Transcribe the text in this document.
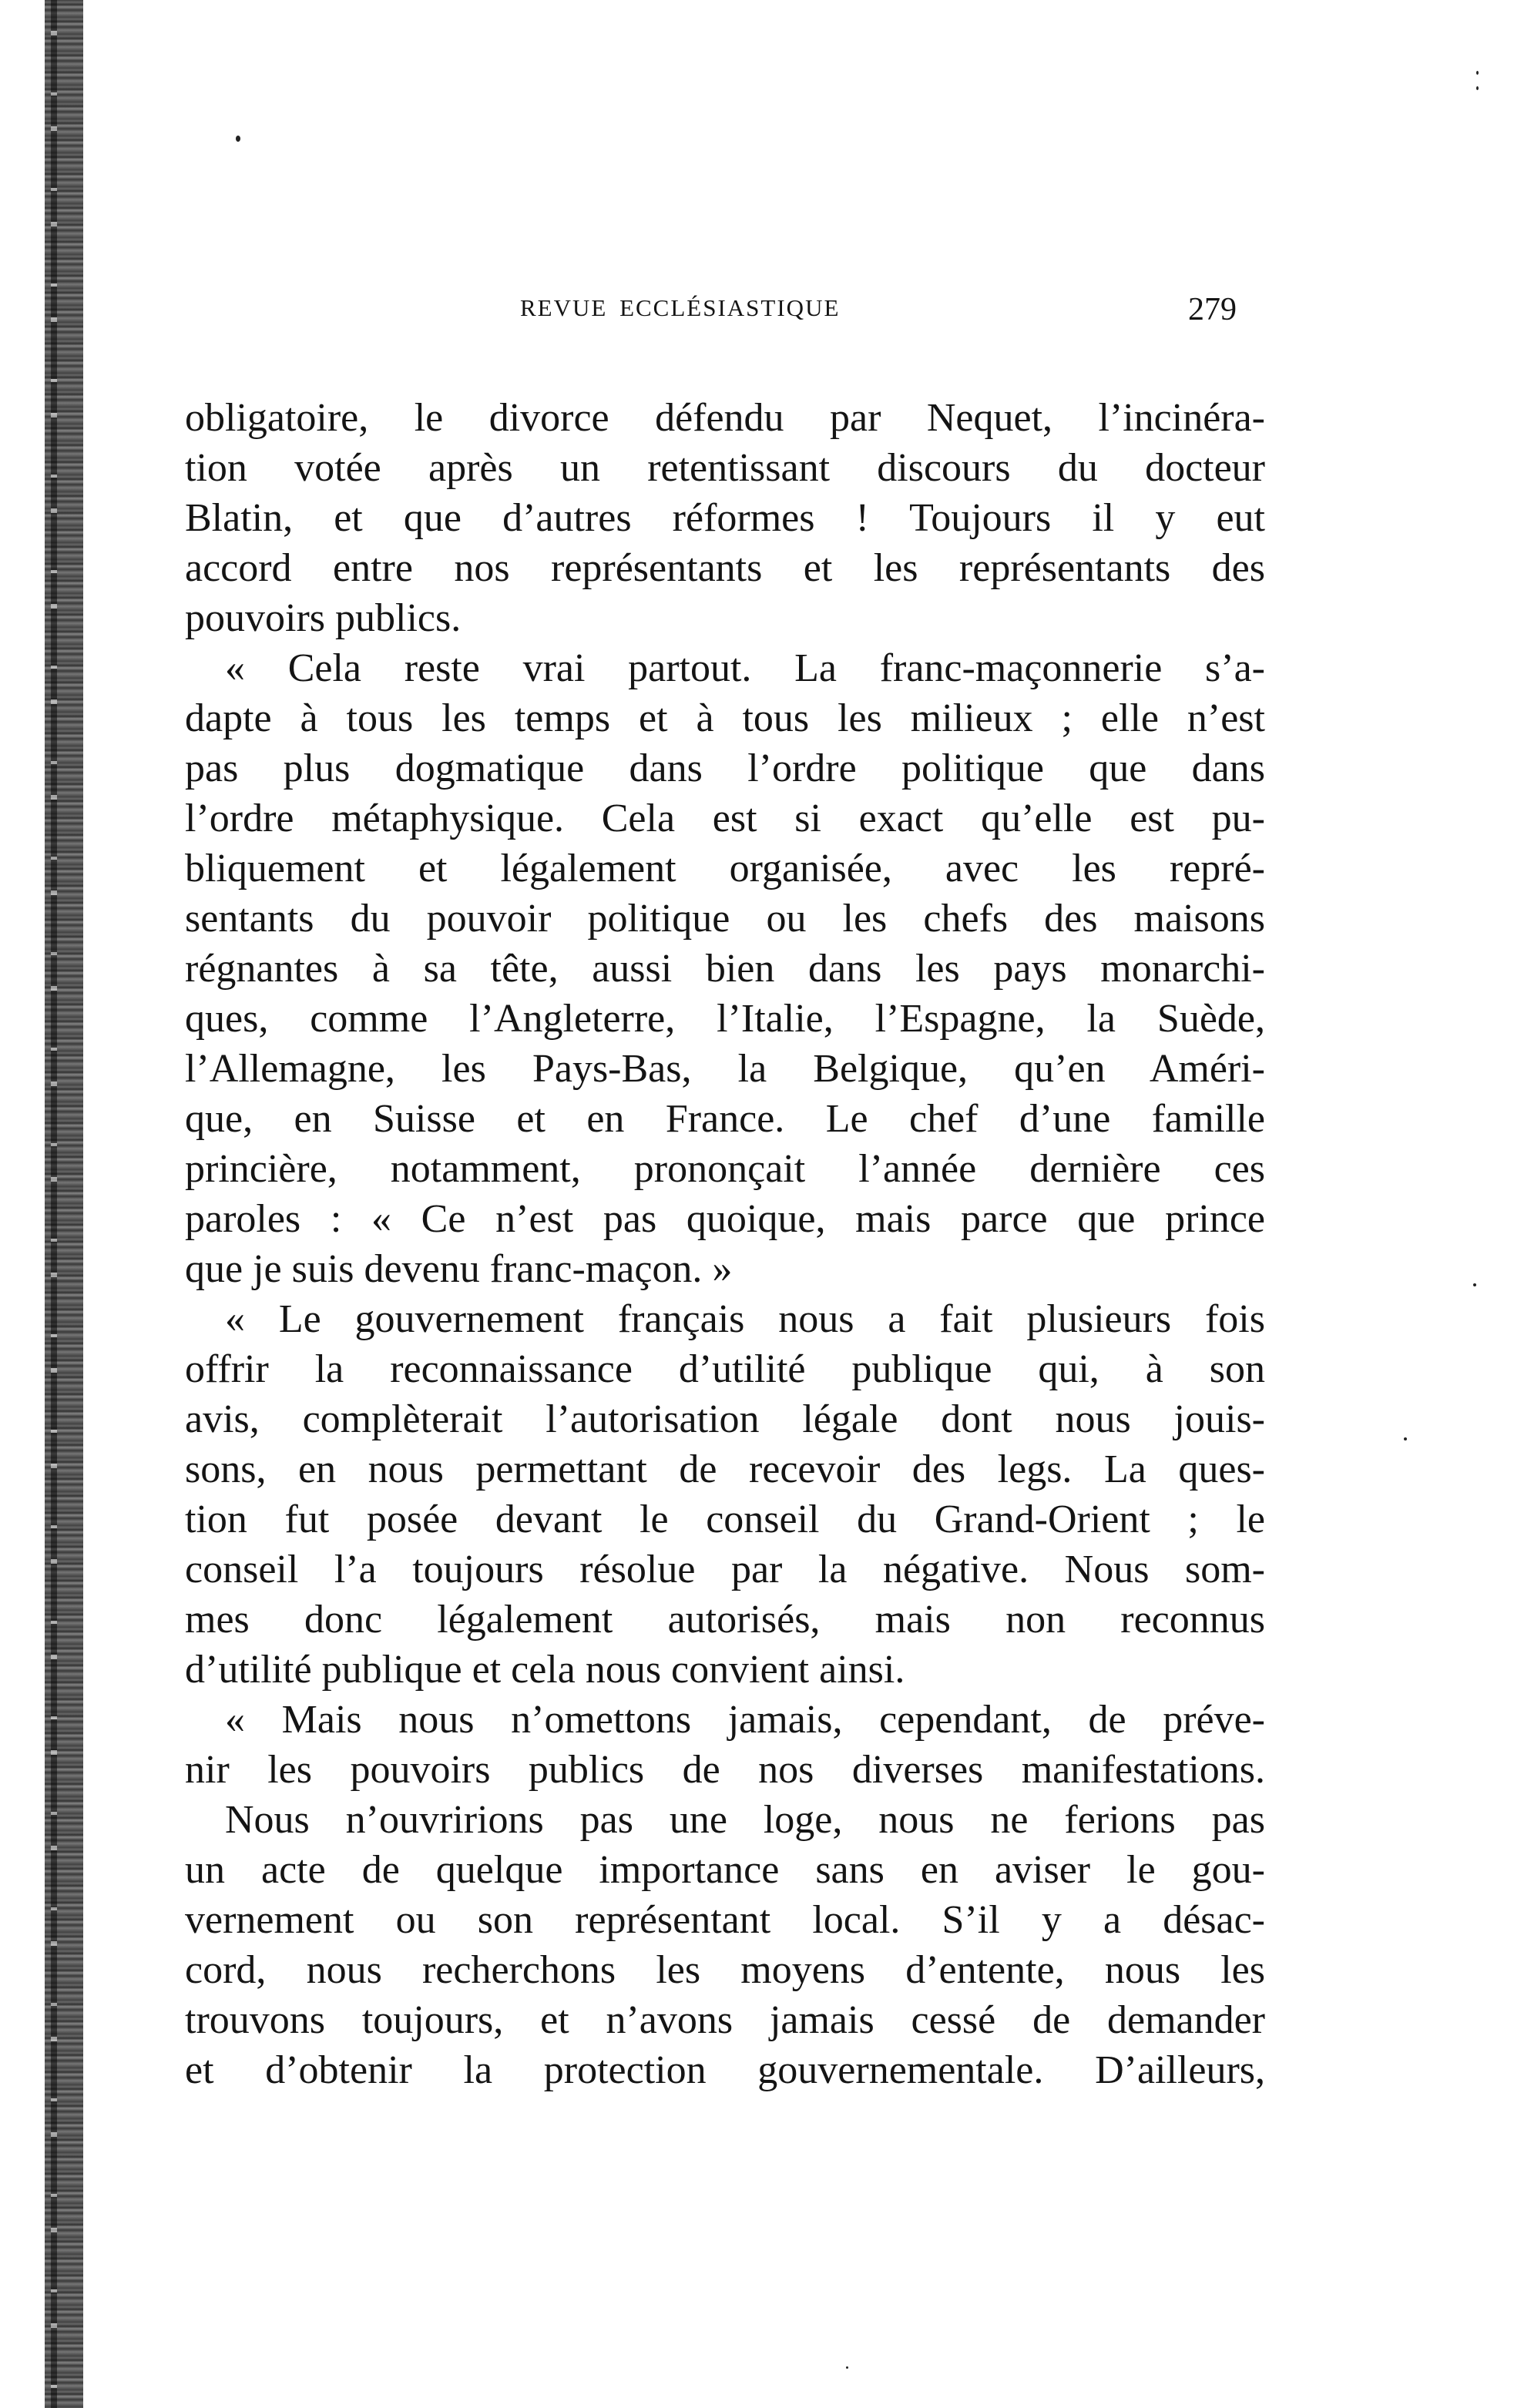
REVUE ECCLÉSIASTIQUE	279
obligatoire, le divorce défendu par Nequet, l’incinéra-
tion votée après un retentissant discours du docteur
Blatin, et que d’autres réformes ! Toujours il y eut
accord entre nos représentants et les représentants des
pouvoirs publics.
« Cela reste vrai partout. La franc-maçonnerie s’a-
dapte à tous les temps et à tous les milieux ; elle n’est
pas plus dogmatique dans l’ordre politique que dans
l’ordre métaphysique. Cela est si exact qu’elle est pu-
bliquement et légalement organisée, avec les repré-
sentants du pouvoir politique ou les chefs des maisons
régnantes à sa tête, aussi bien dans les pays monarchi-
ques, comme l’Angleterre, l’Italie, l’Espagne, la Suède,
l’Allemagne, les Pays-Bas, la Belgique, qu’en Améri-
que, en Suisse et en France. Le chef d’une famille
princière, notamment, prononçait l’année dernière ces
paroles : « Ce n’est pas quoique, mais parce que prince
que je suis devenu franc-maçon. »
« Le gouvernement français nous a fait plusieurs fois
offrir la reconnaissance d’utilité publique qui, à son
avis, complèterait l’autorisation légale dont nous jouis-
sons, en nous permettant de recevoir des legs. La ques-
tion fut posée devant le conseil du Grand-Orient ; le
conseil l’a toujours résolue par la négative. Nous som-
mes donc légalement autorisés, mais non reconnus
d’utilité publique et cela nous convient ainsi.
« Mais nous n’omettons jamais, cependant, de préve-
nir les pouvoirs publics de nos diverses manifestations.
Nous n’ouvririons pas une loge, nous ne ferions pas
un acte de quelque importance sans en aviser le gou-
vernement ou son représentant local. S’il y a désac-
cord, nous recherchons les moyens d’entente, nous les
trouvons toujours, et n’avons jamais cessé de demander
et d’obtenir la protection gouvernementale. D’ailleurs,
